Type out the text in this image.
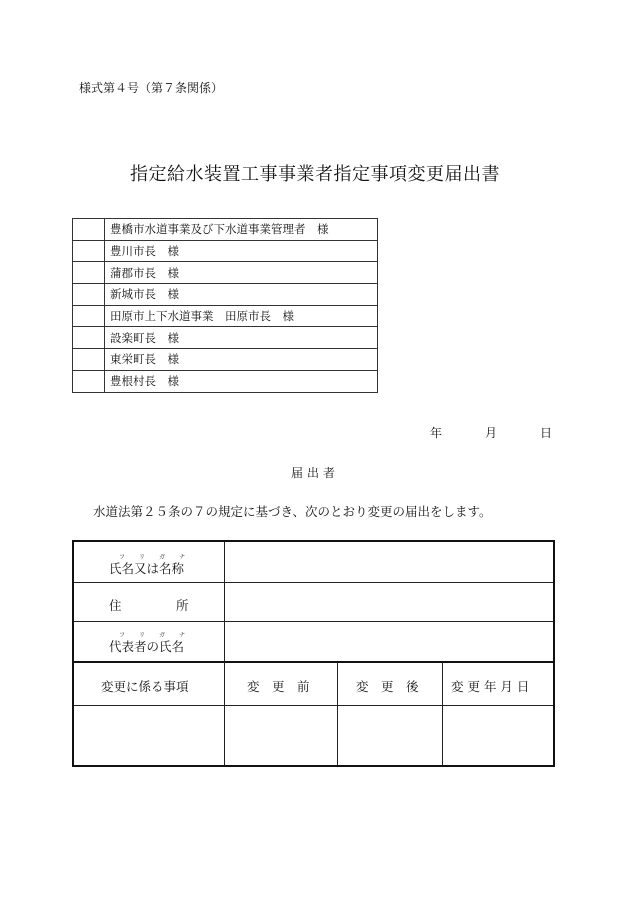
様式第４号（第７条関係）
指定給水装置工事事業者指定事項変更届出書
	豊橋市水道事業及び下水道事業管理者　様
	豊川市長　様
	蒲郡市長　様
	新城市長　様
	田原市上下水道事業　田原市長　様
	設楽町長　様
	東栄町長　様
	豊根村長　様
年	月	日
届出者
水道法第２５条の７の規定に基づき、次のとおり変更の届出をします。
フ リ ガ ナ
氏名又は名称
住	所
フ リ ガ ナ
代表者の氏名
変更に係る事項	変　更　前	変　更　後	変 更 年 月 日
